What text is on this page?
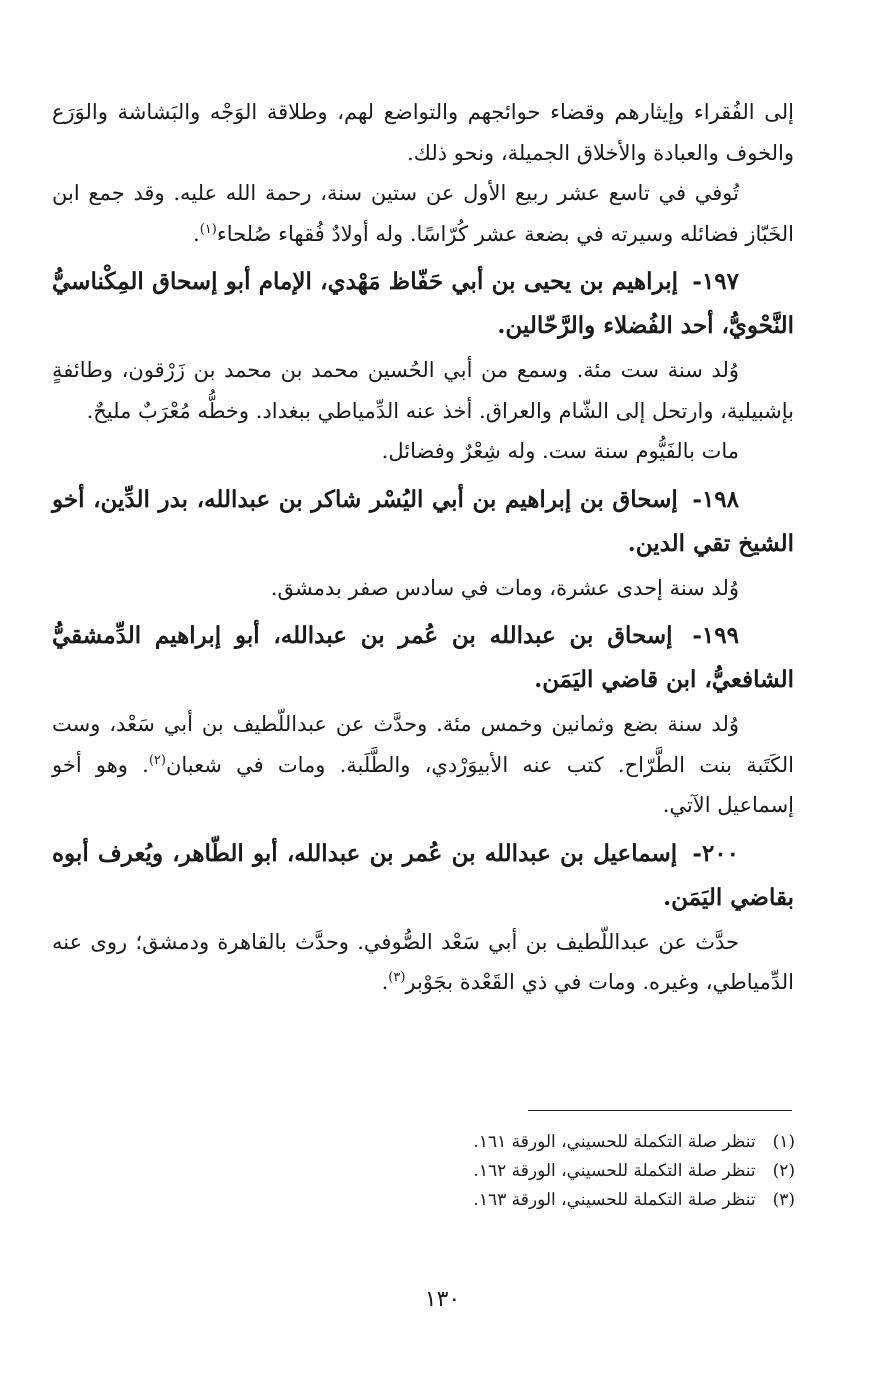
إلى الفُقراء وإيثارهم وقضاء حوائجهم والتواضع لهم، وطلاقة الوَجْه والبَشاشة والوَرَع والخوف والعبادة والأخلاق الجميلة، ونحو ذلك.

تُوفي في تاسع عشر ربيع الأول عن ستين سنة، رحمة الله عليه. وقد جمع ابن الخَبّاز فضائله وسيرته في بضعة عشر كُرّاسًا. وله أولادٌ فُقهاء صُلحاء$^{(١)}$.

١٩٧- إبراهيم بن يحيى بن أبي حَفّاظ مَهْدي، الإمام أبو إسحاق المِكْناسيُّ النَّحْويُّ، أحد الفُضلاء والرَّحّالين.

وُلد سنة ست مئة. وسمع من أبي الحُسين محمد بن محمد بن زَرْقون، وطائفةٍ بإشبيلية، وارتحل إلى الشّام والعراق. أخذ عنه الدِّمياطي ببغداد. وخطُّه مُعْرَبٌ مليحٌ.

مات بالفَيُّوم سنة ست. وله شِعْرٌ وفضائل.

١٩٨- إسحاق بن إبراهيم بن أبي اليُسْر شاكر بن عبدالله، بدر الدِّين، أخو الشيخ تقي الدين.

وُلد سنة إحدى عشرة، ومات في سادس صفر بدمشق.

١٩٩- إسحاق بن عبدالله بن عُمر بن عبدالله، أبو إبراهيم الدِّمشقيُّ الشافعيُّ، ابن قاضي اليَمَن.

وُلد سنة بضع وثمانين وخمس مئة. وحدَّث عن عبداللّطيف بن أبي سَعْد، وست الكَتَبة بنت الطَّرّاح. كتب عنه الأبيوَرْدي، والطَّلَبة. ومات في شعبان$^{(٢)}$. وهو أخو إسماعيل الآتي.

٢٠٠- إسماعيل بن عبدالله بن عُمر بن عبدالله، أبو الطّاهر، ويُعرف أبوه بقاضي اليَمَن.

حدَّث عن عبداللّطيف بن أبي سَعْد الصُّوفي. وحدَّث بالقاهرة ودمشق؛ روى عنه الدِّمياطي، وغيره. ومات في ذي القَعْدة بجَوْبر$^{(٣)}$.

(١) تنظر صلة التكملة للحسيني، الورقة ١٦١.

(٢) تنظر صلة التكملة للحسيني، الورقة ١٦٢.

(٣) تنظر صلة التكملة للحسيني، الورقة ١٦٣.

١٣٠
